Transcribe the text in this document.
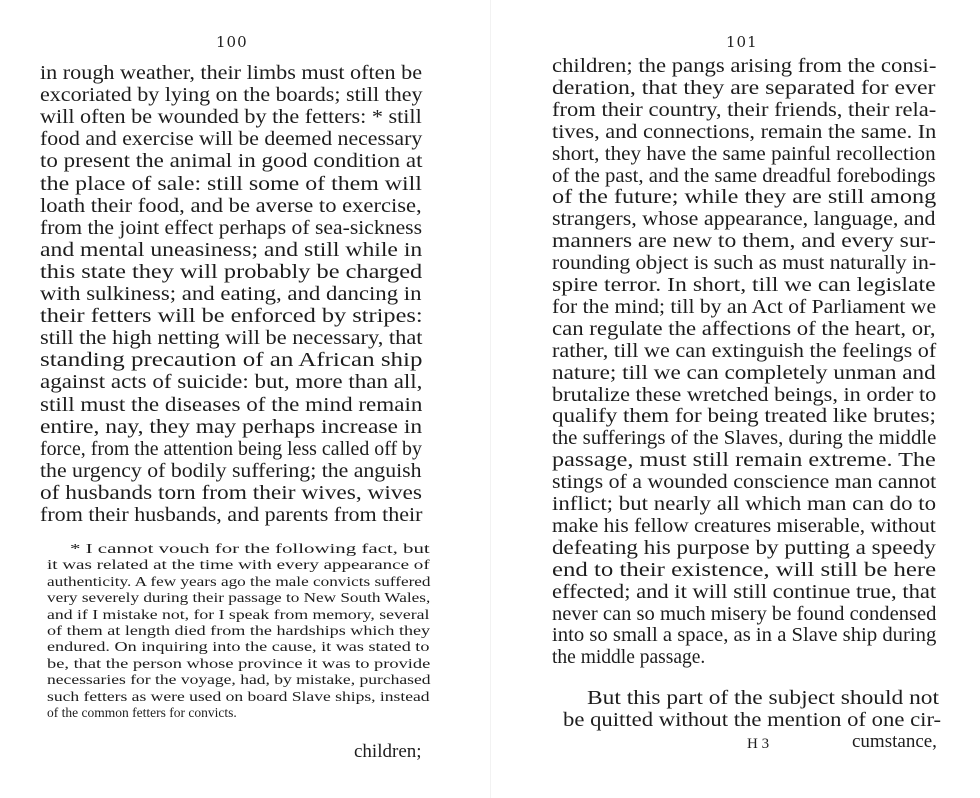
100
in rough weather, their limbs must often be
excoriated by lying on the boards; still they
will often be wounded by the fetters: * still
food and exercise will be deemed necessary
to present the animal in good condition at
the place of sale: still some of them will
loath their food, and be averse to exercise,
from the joint effect perhaps of sea-sickness
and mental uneasiness; and still while in
this state they will probably be charged
with sulkiness; and eating, and dancing in
their fetters will be enforced by stripes:
still the high netting will be necessary, that
standing precaution of an African ship
against acts of suicide: but, more than all,
still must the diseases of the mind remain
entire, nay, they may perhaps increase in
force, from the attention being less called off by
the urgency of bodily suffering; the anguish
of husbands torn from their wives, wives
from their husbands, and parents from their
* I cannot vouch for the following fact, but
it was related at the time with every appearance of
authenticity. A few years ago the male convicts suffered
very severely during their passage to New South Wales,
and if I mistake not, for I speak from memory, several
of them at length died from the hardships which they
endured. On inquiring into the cause, it was stated to
be, that the person whose province it was to provide
necessaries for the voyage, had, by mistake, purchased
such fetters as were used on board Slave ships, instead
of the common fetters for convicts.
children;
101
children; the pangs arising from the consi-
deration, that they are separated for ever
from their country, their friends, their rela-
tives, and connections, remain the same. In
short, they have the same painful recollection
of the past, and the same dreadful forebodings
of the future; while they are still among
strangers, whose appearance, language, and
manners are new to them, and every sur-
rounding object is such as must naturally in-
spire terror. In short, till we can legislate
for the mind; till by an Act of Parliament we
can regulate the affections of the heart, or,
rather, till we can extinguish the feelings of
nature; till we can completely unman and
brutalize these wretched beings, in order to
qualify them for being treated like brutes;
the sufferings of the Slaves, during the middle
passage, must still remain extreme. The
stings of a wounded conscience man cannot
inflict; but nearly all which man can do to
make his fellow creatures miserable, without
defeating his purpose by putting a speedy
end to their existence, will still be here
effected; and it will still continue true, that
never can so much misery be found condensed
into so small a space, as in a Slave ship during
the middle passage.
But this part of the subject should not
be quitted without the mention of one cir-
H 3	cumstance,
